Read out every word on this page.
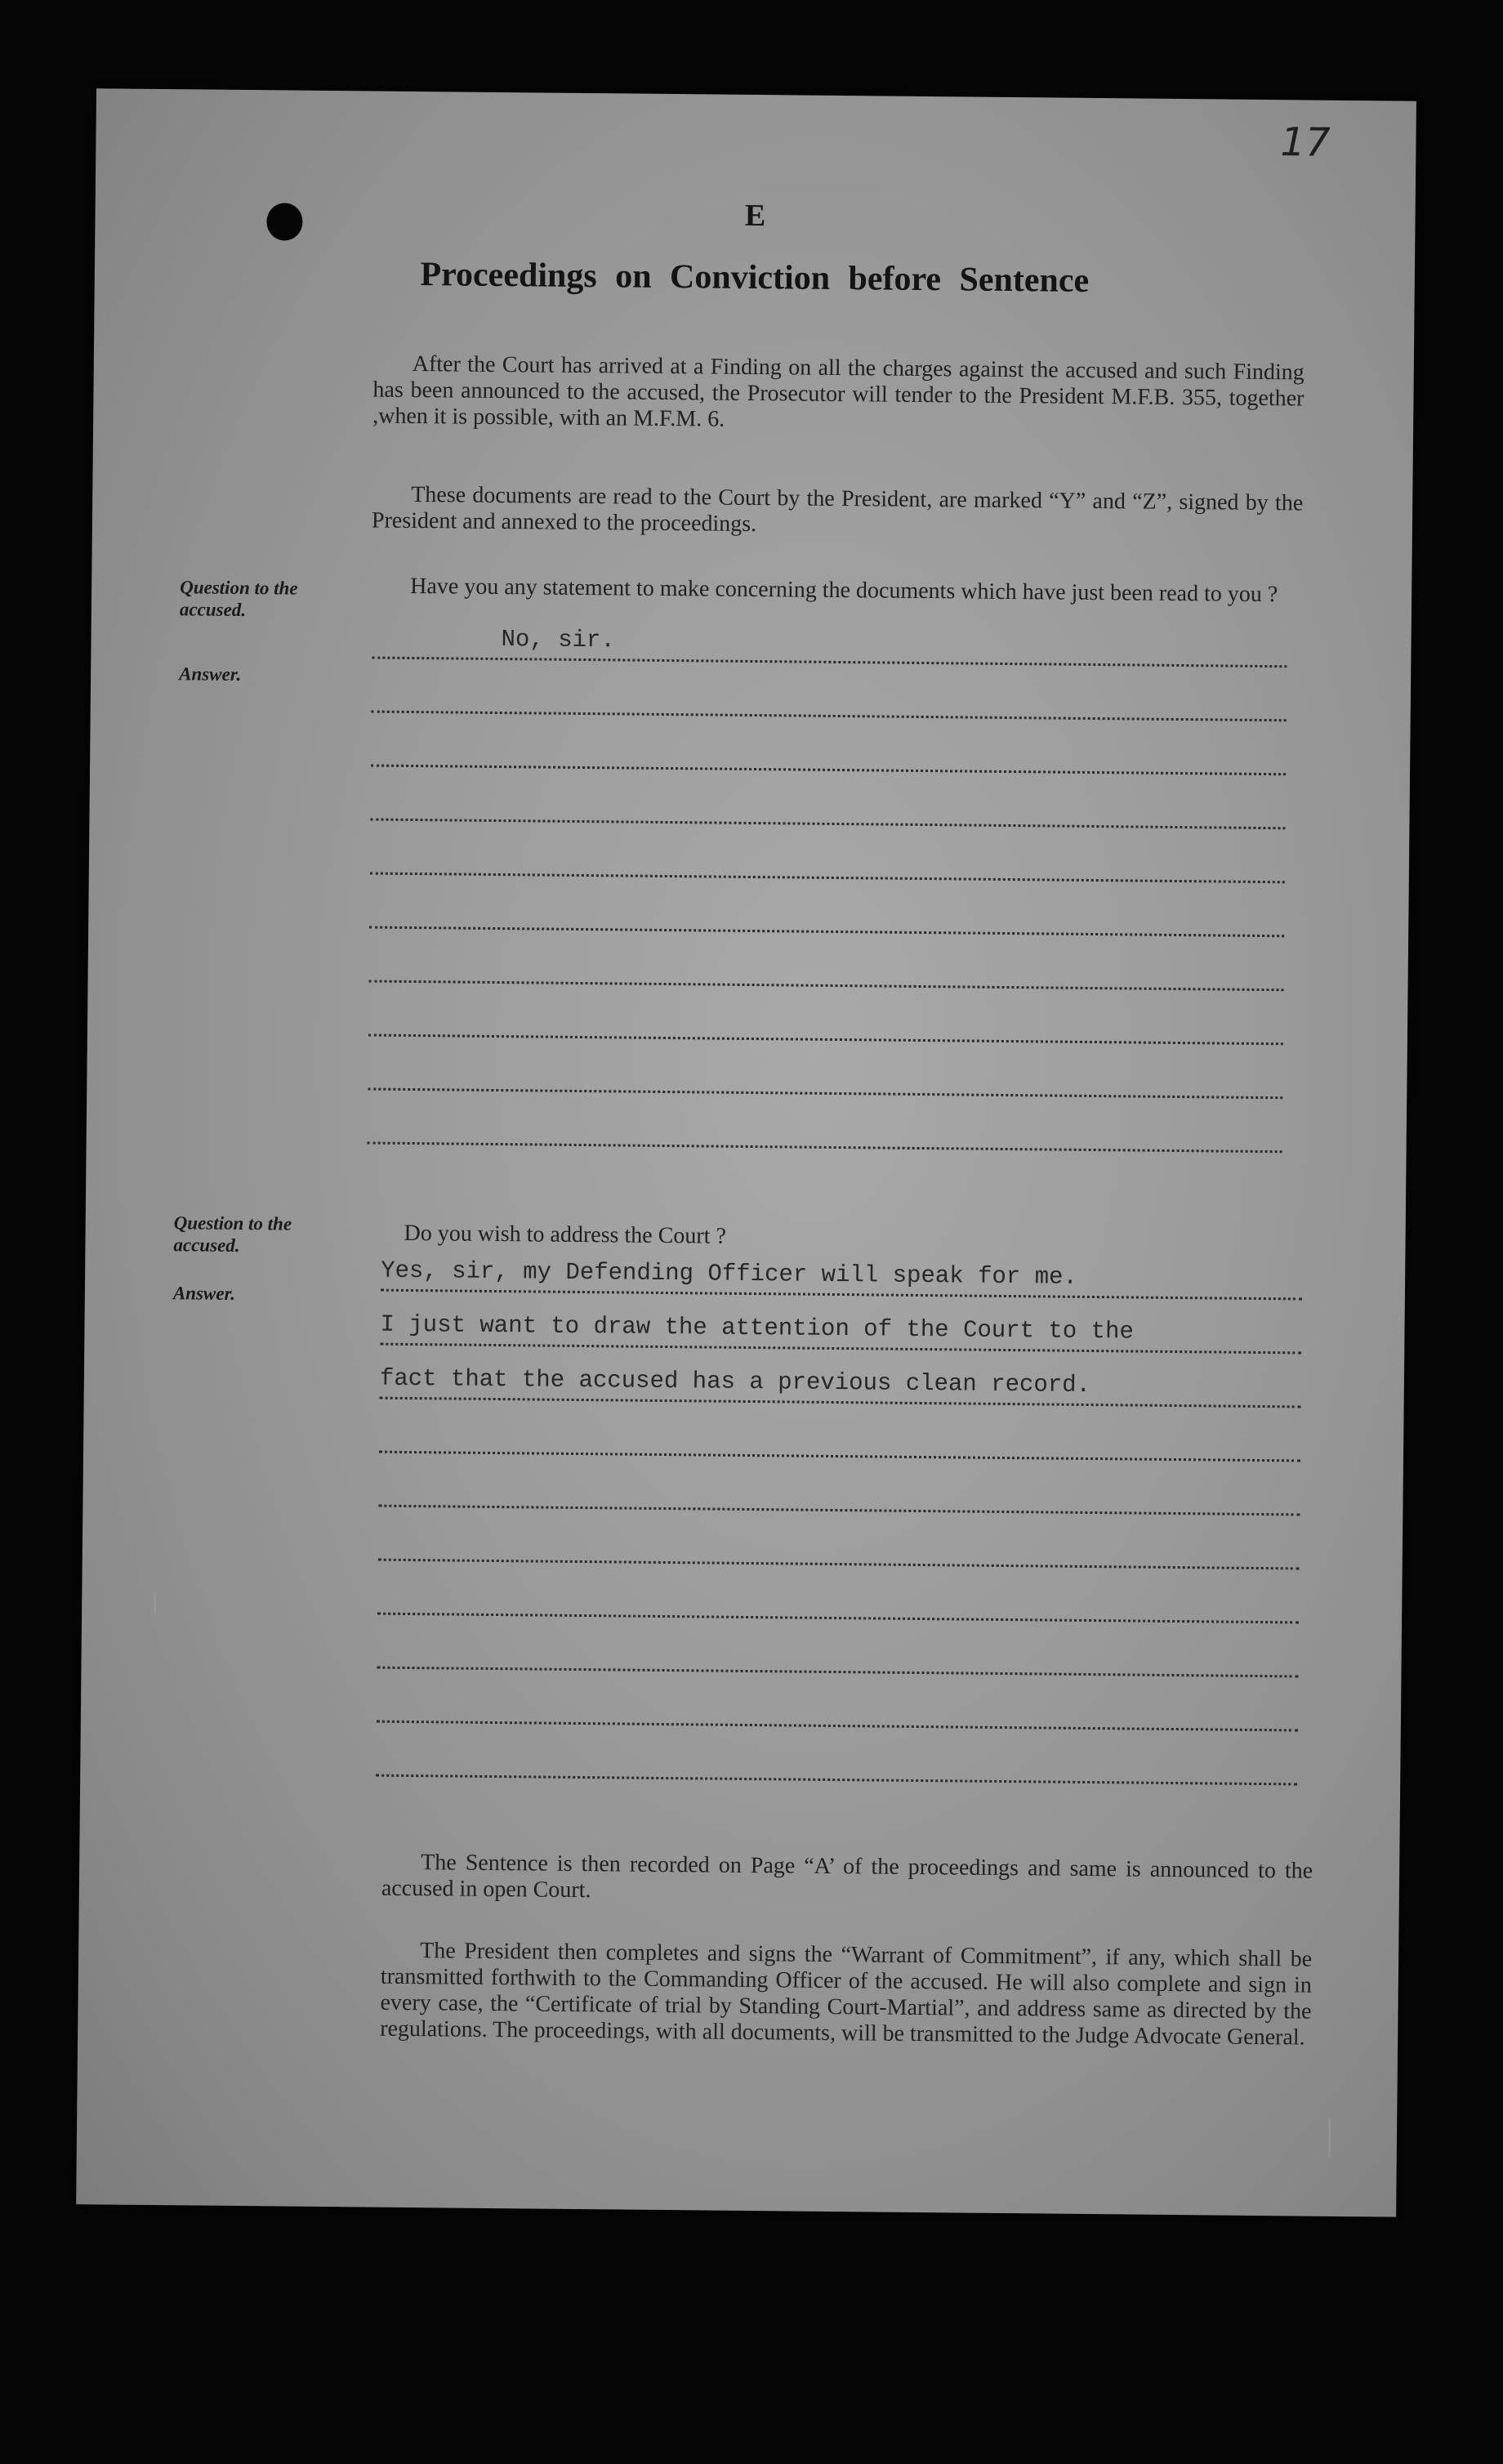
17
E
Proceedings on Conviction before Sentence
After the Court has arrived at a Finding on all the charges against the accused and such Finding has been announced to the accused, the Prosecutor will tender to the President M.F.B. 355, together ,when it is possible, with an M.F.M. 6.
These documents are read to the Court by the President, are marked “Y” and “Z”, signed by the President and annexed to the proceedings.
Question to the accused.
Have you any statement to make concerning the documents which have just been read to you ?
Answer.
No, sir.
Question to the accused.	Do you wish to address the Court ?
Answer.
Yes, sir, my Defending Officer will speak for me.
I just want to draw the attention of the Court to the
fact that the accused has a previous clean record.
The Sentence is then recorded on Page “A’ of the proceedings and same is announced to the accused in open Court.
The President then completes and signs the “Warrant of Commitment”, if any, which shall be transmitted forthwith to the Commanding Officer of the accused. He will also complete and sign in every case, the “Certificate of trial by Standing Court-Martial”, and address same as directed by the regulations. The proceedings, with all documents, will be transmitted to the Judge Advocate General.
